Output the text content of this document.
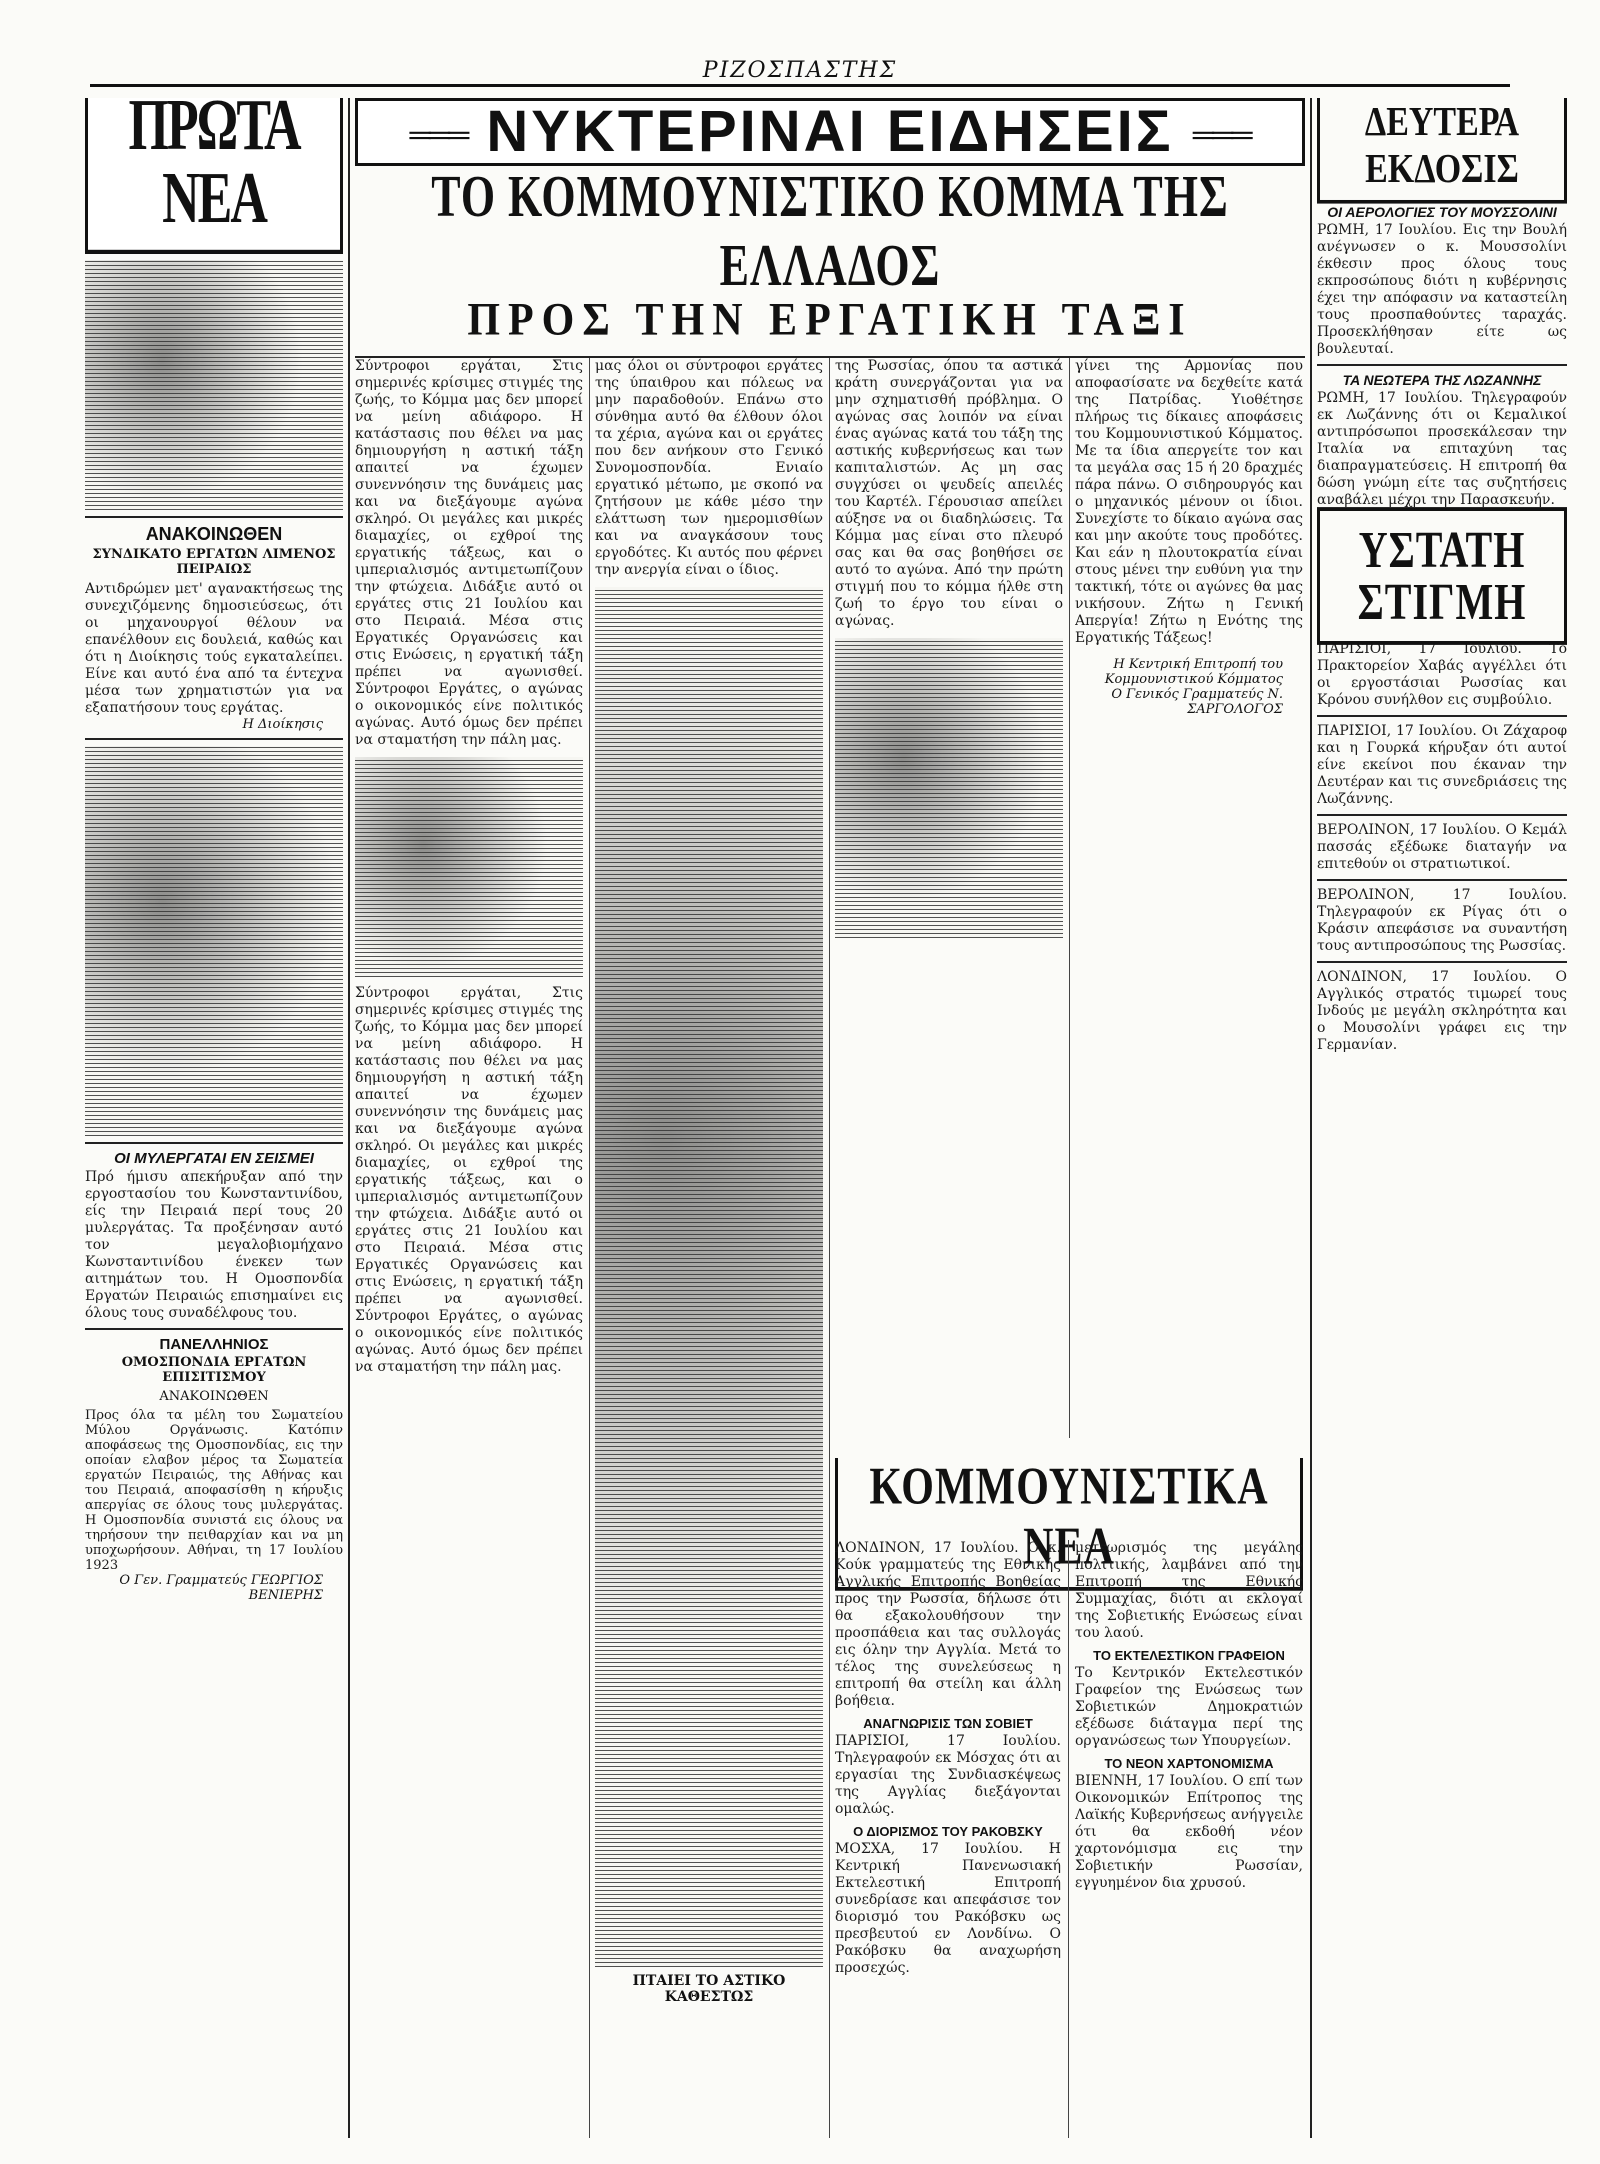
ΡΙΖΟΣΠΑΣΤΗΣ
ΠΡΩΤΑ ΝΕΑ
ΑΝΑΚΟΙΝΩΘΕΝ
ΣΥΝΔΙΚΑΤΟ ΕΡΓΑΤΩΝ ΛΙΜΕΝΟΣ ΠΕΙΡΑΙΩΣ
Αντιδρώμεν μετ' αγανακτήσεως της συνεχιζόμενης δημοσιεύσεως, ότι οι μηχανουργοί θέλουν να επανέλθουν εις δουλειά, καθώς και ότι η Διοίκησις τούς εγκαταλείπει. Είνε και αυτό ένα από τα έντεχνα μέσα των χρηματιστών για να εξαπατήσουν τους εργάτας.
Η Διοίκησις
ΟΙ ΜΥΛΕΡΓΑΤΑΙ ΕΝ ΣΕΙΣΜΕΙ
Πρό ήμισυ απεκήρυξαν από την εργοστασίου του Κωνσταντινίδου, είς την Πειραιά περί τους 20 μυλεργάτας. Τα προξένησαν αυτό τον μεγαλοβιομήχανο Κωνσταντινίδου ένεκεν των αιτημάτων του. Η Ομοσπονδία Εργατών Πειραιώς επισημαίνει εις όλους τους συναδέλφους του.
ΠΑΝΕΛΛΗΝΙΟΣ
ΟΜΟΣΠΟΝΔΙΑ ΕΡΓΑΤΩΝ ΕΠΙΣΙΤΙΣΜΟΥ
ΑΝΑΚΟΙΝΩΘΕΝ
Προς όλα τα μέλη του Σωματείου Μύλου Οργάνωσις. Κατόπιν αποφάσεως της Ομοσπονδίας, εις την οποίαν ελαβον μέρος τα Σωματεία εργατών Πειραιώς, της Αθήνας και του Πειραιά, αποφασίσθη η κήρυξις απεργίας σε όλους τους μυλεργάτας. Η Ομοσπονδία συνιστά εις όλους να τηρήσουν την πειθαρχίαν και να μη υποχωρήσουν. Αθήναι, τη 17 Ιουλίου 1923
Ο Γεν. Γραμματεύς ΓΕΩΡΓΙΟΣ ΒΕΝΙΕΡΗΣ
═══ ΝΥΚΤΕΡΙΝΑΙ ΕΙΔΗΣΕΙΣ ═══
ΤΟ ΚΟΜΜΟΥΝΙΣΤΙΚΟ ΚΟΜΜΑ ΤΗΣ ΕΛΛΑΔΟΣ
ΠΡΟΣ ΤΗΝ ΕΡΓΑΤΙΚΗ ΤΑΞΙ
Σύντροφοι εργάται, Στις σημερινές κρίσιμες στιγμές της ζωής, το Κόμμα μας δεν μπορεί να μείνη αδιάφορο. Η κατάστασις που θέλει να μας δημιουργήση η αστική τάξη απαιτεί να έχωμεν συνεννόησιν της δυνάμεις μας και να διεξάγουμε αγώνα σκληρό. Οι μεγάλες και μικρές διαμαχίες, οι εχθροί της εργατικής τάξεως, και ο ιμπεριαλισμός αντιμετωπίζουν την φτώχεια. Διδάξιε αυτό οι εργάτες στις 21 Ιουλίου και στο Πειραιά. Μέσα στις Εργατικές Οργανώσεις και στις Ενώσεις, η εργατική τάξη πρέπει να αγωνισθεί. Σύντροφοι Εργάτες, ο αγώνας ο οικονομικός είνε πολιτικός αγώνας. Αυτό όμως δεν πρέπει να σταματήση την πάλη μας.
Σύντροφοι εργάται, Στις σημερινές κρίσιμες στιγμές της ζωής, το Κόμμα μας δεν μπορεί να μείνη αδιάφορο. Η κατάστασις που θέλει να μας δημιουργήση η αστική τάξη απαιτεί να έχωμεν συνεννόησιν της δυνάμεις μας και να διεξάγουμε αγώνα σκληρό. Οι μεγάλες και μικρές διαμαχίες, οι εχθροί της εργατικής τάξεως, και ο ιμπεριαλισμός αντιμετωπίζουν την φτώχεια. Διδάξιε αυτό οι εργάτες στις 21 Ιουλίου και στο Πειραιά. Μέσα στις Εργατικές Οργανώσεις και στις Ενώσεις, η εργατική τάξη πρέπει να αγωνισθεί. Σύντροφοι Εργάτες, ο αγώνας ο οικονομικός είνε πολιτικός αγώνας. Αυτό όμως δεν πρέπει να σταματήση την πάλη μας.
μας όλοι οι σύντροφοι εργάτες της ύπαιθρου και πόλεως να μην παραδοθούν. Επάνω στο σύνθημα αυτό θα έλθουν όλοι τα χέρια, αγώνα και οι εργάτες που δεν ανήκουν στο Γενικό Συνομοσπονδία. Ενιαίο εργατικό μέτωπο, με σκοπό να ζητήσουν με κάθε μέσο την ελάττωση των ημερομισθίων και να αναγκάσουν τους εργοδότες. Κι αυτός που φέρνει την ανεργία είναι ο ίδιος.
ΠΤΑΙΕΙ ΤΟ ΑΣΤΙΚΟ ΚΑΘΕΣΤΩΣ
της Ρωσσίας, όπου τα αστικά κράτη συνεργάζονται για να μην σχηματισθή πρόβλημα. Ο αγώνας σας λοιπόν να είναι ένας αγώνας κατά του τάξη της αστικής κυβερνήσεως και των καπιταλιστών. Ας μη σας συγχύσει οι ψευδείς απειλές του Καρτέλ. Γέρουσιασ απείλει αύξησε να οι διαδηλώσεις. Τα Κόμμα μας είναι στο πλευρό σας και θα σας βοηθήσει σε αυτό το αγώνα. Από την πρώτη στιγμή που το κόμμα ήλθε στη ζωή το έργο του είναι ο αγώνας.
γίνει της Αρμονίας που αποφασίσατε να δεχθείτε κατά της Πατρίδας. Υιοθέτησε πλήρως τις δίκαιες αποφάσεις του Κομμουνιστικού Κόμματος. Με τα ίδια απεργείτε τον και τα μεγάλα σας 15 ή 20 δραχμές πάρα πάνω. Ο σιδηρουργός και ο μηχανικός μένουν οι ίδιοι. Συνεχίστε το δίκαιο αγώνα σας και μην ακούτε τους προδότες. Και εάν η πλουτοκρατία είναι στους μένει την ευθύνη για την τακτική, τότε οι αγώνες θα μας νικήσουν. Ζήτω η Γενική Απεργία! Ζήτω η Ενότης της Εργατικής Τάξεως!
Η Κεντρική Επιτροπή του Κομμουνιστικού Κόμματος
Ο Γενικός Γραμματεύς Ν. ΣΑΡΓΟΛΟΓΟΣ
ΚΟΜΜΟΥΝΙΣΤΙΚΑ ΝΕΑ
ΛΟΝΔΙΝΟΝ, 17 Ιουλίου. Ο κ. Κούκ γραμματεύς της Εθνικής Αγγλικής Επιτροπής Βοηθείας προς την Ρωσσία, δήλωσε ότι θα εξακολουθήσουν την προσπάθεια και τας συλλογάς εις όλην την Αγγλία. Μετά το τέλος της συνελεύσεως η επιτροπή θα στείλη και άλλη βοήθεια.
ΑΝΑΓΝΩΡΙΣΙΣ ΤΩΝ ΣΟΒΙΕΤ
ΠΑΡΙΣΙΟΙ, 17 Ιουλίου. Τηλεγραφούν εκ Μόσχας ότι αι εργασίαι της Συνδιασκέψεως της Αγγλίας διεξάγονται ομαλώς.
Ο ΔΙΟΡΙΣΜΟΣ ΤΟΥ ΡΑΚΟΒΣΚΥ
ΜΟΣΧΑ, 17 Ιουλίου. Η Κεντρική Πανενωσιακή Εκτελεστική Επιτροπή συνεδρίασε και απεφάσισε τον διορισμό του Ρακόβσκυ ως πρεσβευτού εν Λονδίνω. Ο Ρακόβσκυ θα αναχωρήση προσεχώς.
μετεωρισμός της μεγάλης πολιτικής, λαμβάνει από την Επιτροπή της Εθνικής Συμμαχίας, διότι αι εκλογαί της Σοβιετικής Ενώσεως είναι του λαού.
ΤΟ ΕΚΤΕΛΕΣΤΙΚΟΝ ΓΡΑΦΕΙΟΝ
Το Κεντρικόν Εκτελεστικόν Γραφείον της Ενώσεως των Σοβιετικών Δημοκρατιών εξέδωσε διάταγμα περί της οργανώσεως των Υπουργείων.
ΤΟ ΝΕΟΝ ΧΑΡΤΟΝΟΜΙΣΜΑ
ΒΙΕΝΝΗ, 17 Ιουλίου. Ο επί των Οικονομικών Επίτροπος της Λαϊκής Κυβερνήσεως ανήγγειλε ότι θα εκδοθή νέον χαρτονόμισμα εις την Σοβιετικήν Ρωσσίαν, εγγυημένον δια χρυσού.
ΔΕΥΤΕΡΑ ΕΚΔΟΣΙΣ
ΟΙ ΑΕΡΟΛΟΓΙΕΣ ΤΟΥ ΜΟΥΣΣΟΛΙΝΙ
ΡΩΜΗ, 17 Ιουλίου. Εις την Βουλή ανέγνωσεν ο κ. Μουσσολίνι έκθεσιν προς όλους τους εκπροσώπους διότι η κυβέρνησις έχει την απόφασιν να καταστείλη τους προσπαθούντες ταραχάς. Προσεκλήθησαν είτε ως βουλευταί.
ΤΑ ΝΕΩΤΕΡΑ ΤΗΣ ΛΩΖΑΝΝΗΣ
ΡΩΜΗ, 17 Ιουλίου. Τηλεγραφούν εκ Λωζάννης ότι οι Κεμαλικοί αντιπρόσωποι προσεκάλεσαν την Ιταλία να επιταχύνη τας διαπραγματεύσεις. Η επιτροπή θα δώση γνώμη είτε τας συζητήσεις αναβάλει μέχρι την Παρασκευήν.
ΥΣΤΑΤΗ ΣΤΙΓΜΗ
ΠΑΡΙΣΙΟΙ, 17 Ιουλίου. Το Πρακτορείον Χαβάς αγγέλλει ότι οι εργοστάσιαι Ρωσσίας και Κρόνου συνήλθον εις συμβούλιο.
ΠΑΡΙΣΙΟΙ, 17 Ιουλίου. Οι Ζάχαροφ και η Γουρκά κήρυξαν ότι αυτοί είνε εκείνοι που έκαναν την Δευτέραν και τις συνεδριάσεις της Λωζάννης.
ΒΕΡΟΛΙΝΟΝ, 17 Ιουλίου. Ο Κεμάλ πασσάς εξέδωκε διαταγήν να επιτεθούν οι στρατιωτικοί.
ΒΕΡΟΛΙΝΟΝ, 17 Ιουλίου. Τηλεγραφούν εκ Ρίγας ότι ο Κράσιν απεφάσισε να συναντήση τους αντιπροσώπους της Ρωσσίας.
ΛΟΝΔΙΝΟΝ, 17 Ιουλίου. Ο Αγγλικός στρατός τιμωρεί τους Ινδούς με μεγάλη σκληρότητα και ο Μουσολίνι γράφει εις την Γερμανίαν.
